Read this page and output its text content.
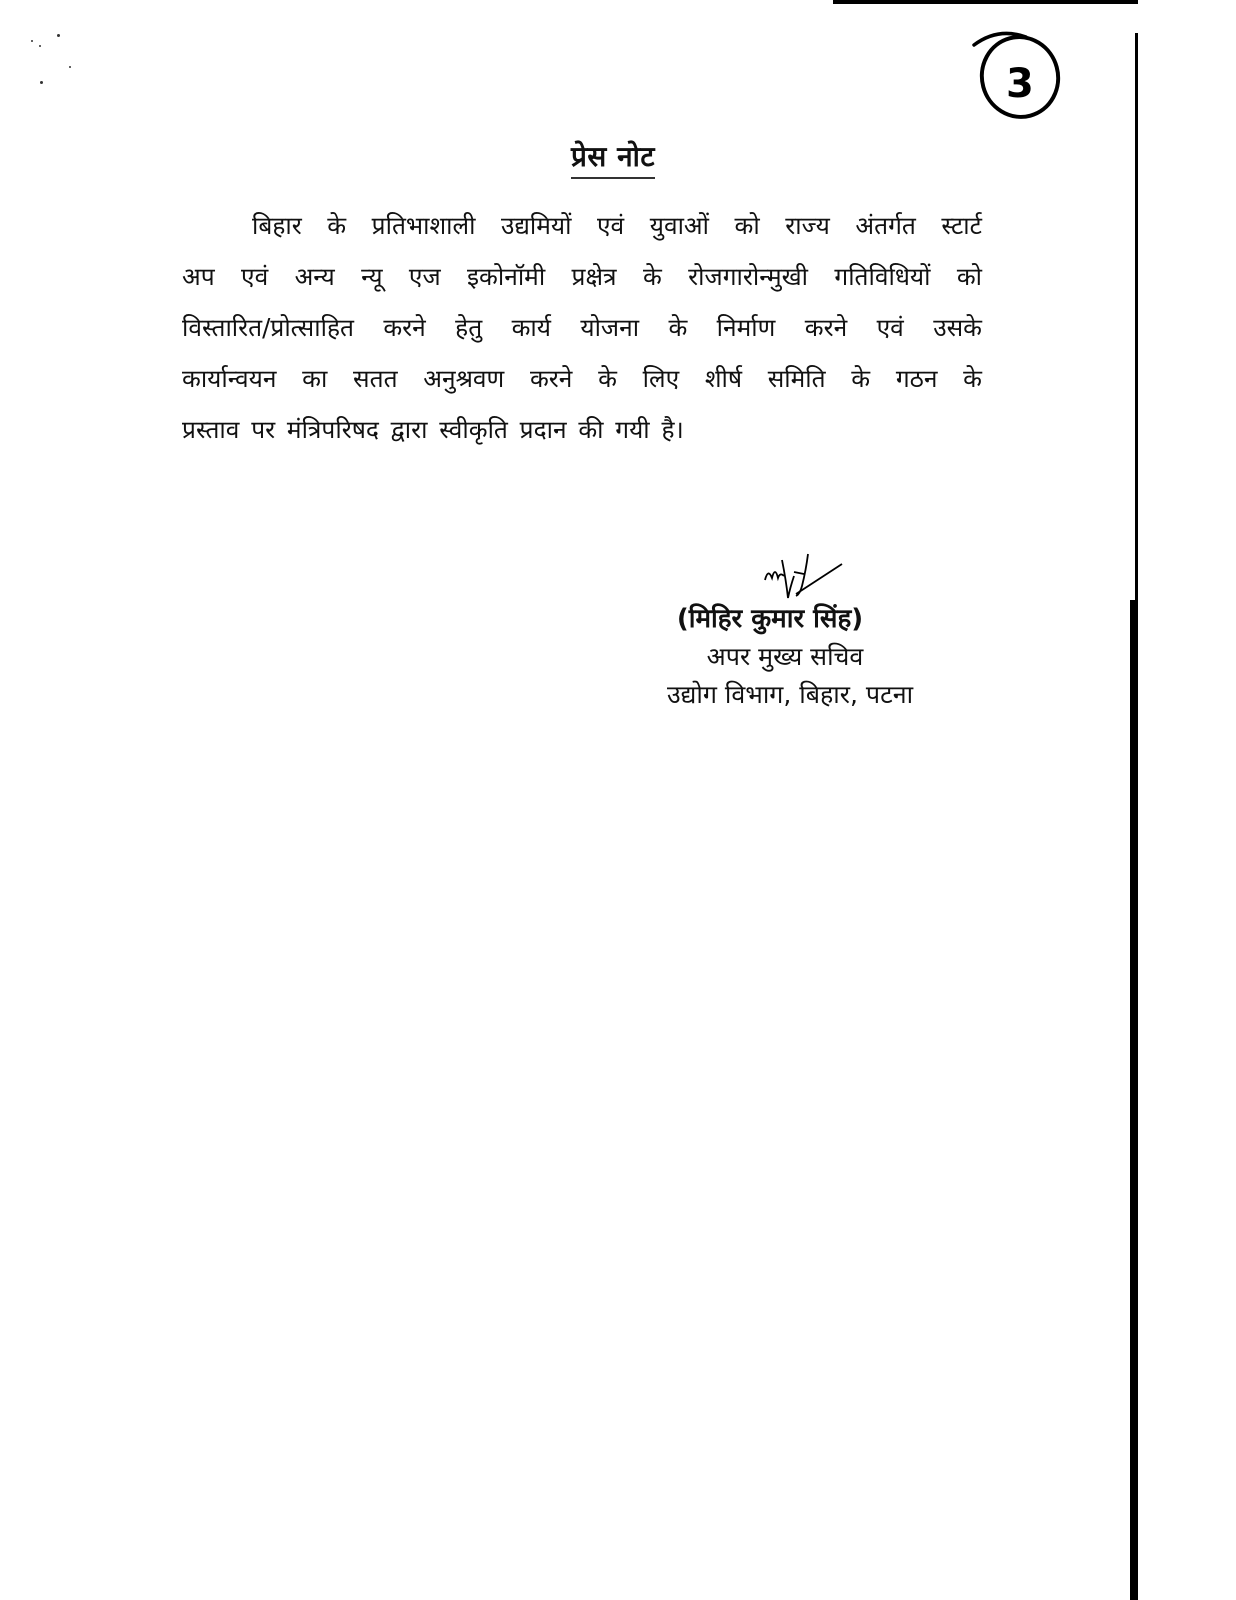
3
प्रेस नोट
बिहार के प्रतिभाशाली उद्यमियों एवं युवाओं को राज्य अंतर्गत स्टार्ट
अप एवं अन्य न्यू एज इकोनॉमी प्रक्षेत्र के रोजगारोन्मुखी गतिविधियों को
विस्तारित/प्रोत्साहित करने हेतु कार्य योजना के निर्माण करने एवं उसके
कार्यान्वयन का सतत अनुश्रवण करने के लिए शीर्ष समिति के गठन के
प्रस्ताव पर मंत्रिपरिषद द्वारा स्वीकृति प्रदान की गयी है।
(मिहिर कुमार सिंह)
अपर मुख्य सचिव
उद्योग विभाग, बिहार, पटना
